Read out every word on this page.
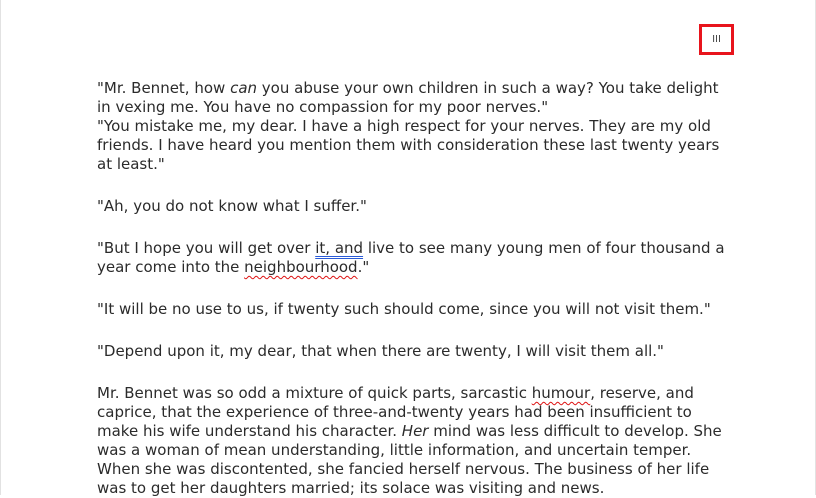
III

"Mr. Bennet, how can you abuse your own children in such a way? You take delight in vexing me. You have no compassion for my poor nerves."

"You mistake me, my dear. I have a high respect for your nerves. They are my old friends. I have heard you mention them with consideration these last twenty years at least."

"Ah, you do not know what I suffer."

"But I hope you will get over it, and live to see many young men of four thousand a year come into the neighbourhood."

"It will be no use to us, if twenty such should come, since you will not visit them."

"Depend upon it, my dear, that when there are twenty, I will visit them all."

Mr. Bennet was so odd a mixture of quick parts, sarcastic humour, reserve, and caprice, that the experience of three-and-twenty years had been insufficient to make his wife understand his character. Her mind was less difficult to develop. She was a woman of mean understanding, little information, and uncertain temper. When she was discontented, she fancied herself nervous. The business of her life was to get her daughters married; its solace was visiting and news.
